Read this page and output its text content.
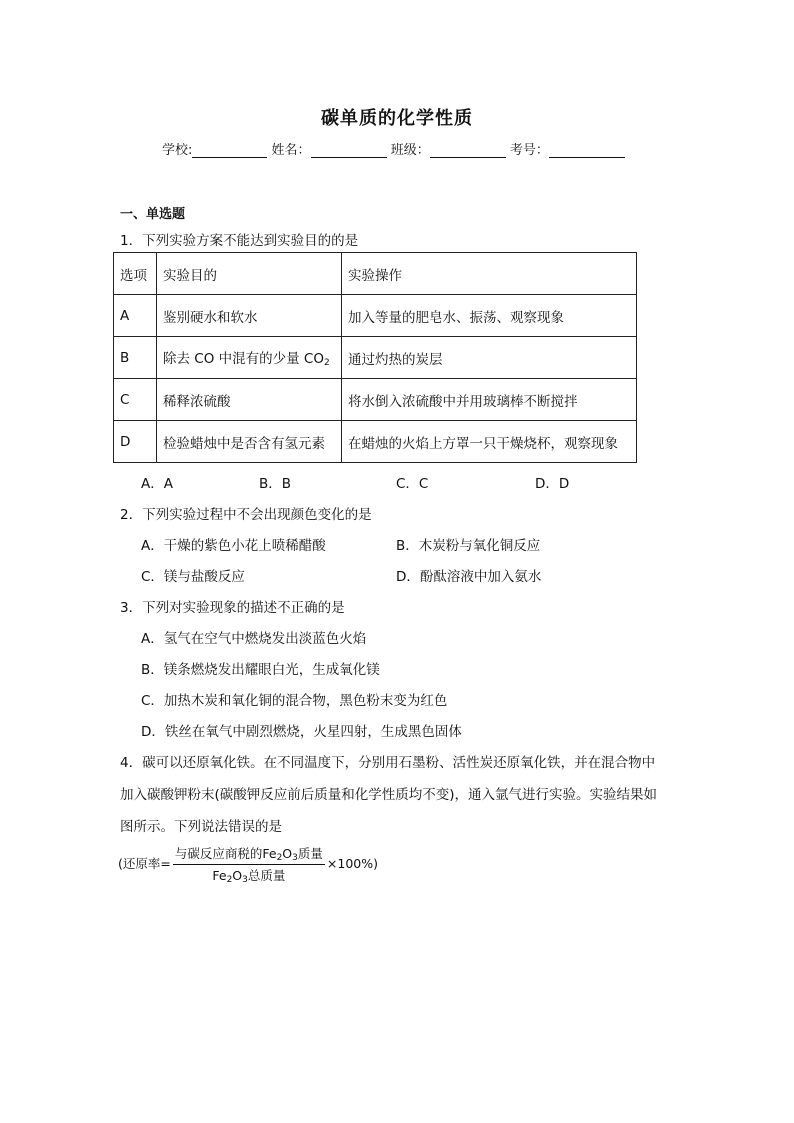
碳单质的化学性质
学校:	姓名：	班级：	考号：
一、单选题
1．下列实验方案不能达到实验目的的是
选项	实验目的	实验操作
A	鉴别硬水和软水	加入等量的肥皂水、振荡、观察现象
B	除去 CO 中混有的少量 $CO_2$	通过灼热的炭层
C	稀释浓硫酸	将水倒入浓硫酸中并用玻璃棒不断搅拌
D	检验蜡烛中是否含有氢元素	在蜡烛的火焰上方罩一只干燥烧杯，观察现象
A．A	B．B	C．C	D．D
2．下列实验过程中不会出现颜色变化的是
A．干燥的紫色小花上喷稀醋酸	B．木炭粉与氧化铜反应
C．镁与盐酸反应	D．酚酞溶液中加入氨水
3．下列对实验现象的描述不正确的是
A．氢气在空气中燃烧发出淡蓝色火焰
B．镁条燃烧发出耀眼白光，生成氧化镁
C．加热木炭和氧化铜的混合物，黑色粉末变为红色
D．铁丝在氧气中剧烈燃烧，火星四射，生成黑色固体
4．碳可以还原氧化铁。在不同温度下，分别用石墨粉、活性炭还原氧化铁，并在混合物中
加入碳酸钾粉末(碳酸钾反应前后质量和化学性质均不变)，通入氩气进行实验。实验结果如
图所示。下列说法错误的是
(还原率= $\frac{与碳反应商税的Fe_2O_3质量}{Fe_2O_3总质量} \times 100\%$)
